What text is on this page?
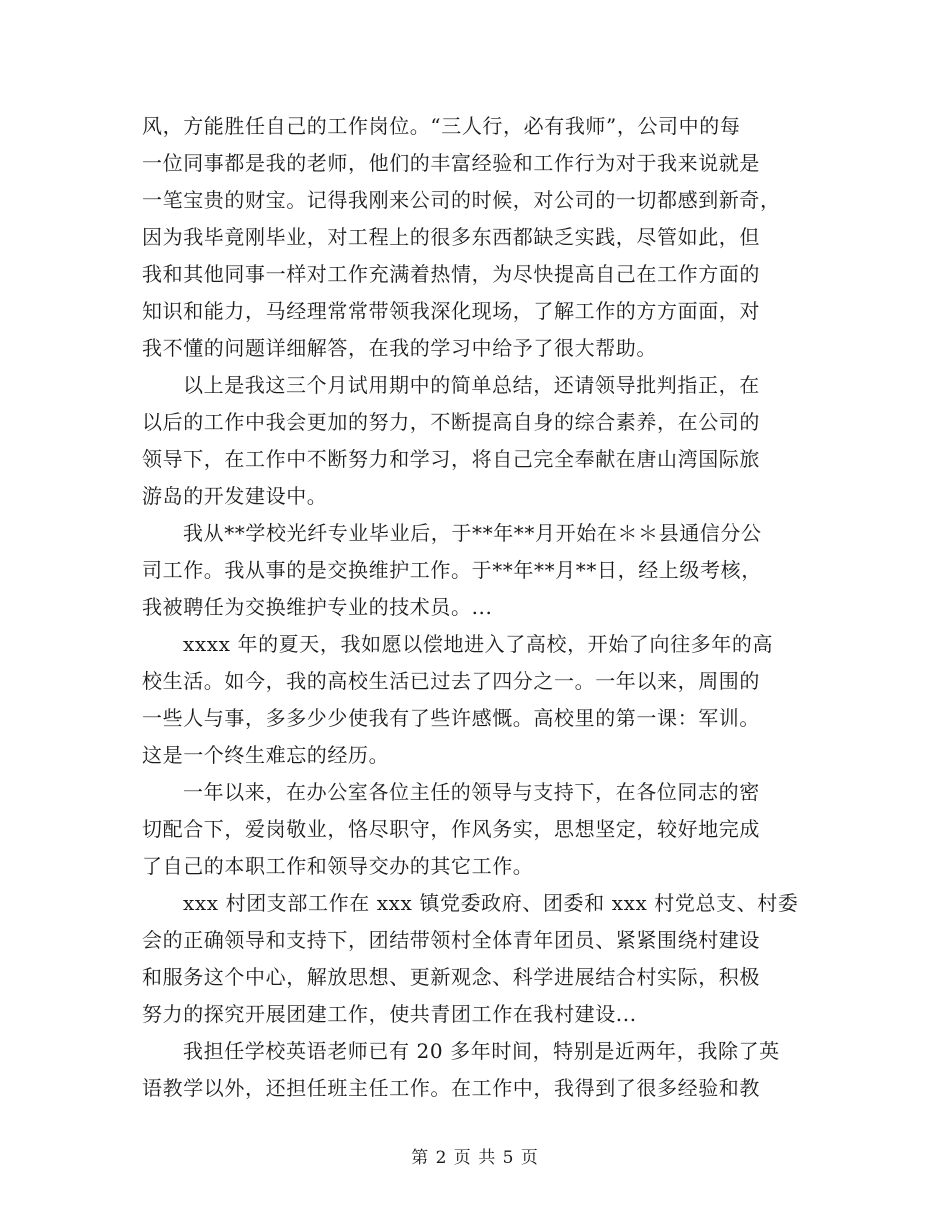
风，方能胜任自己的工作岗位。“三人行，必有我师”，公司中的每
一位同事都是我的老师，他们的丰富经验和工作行为对于我来说就是
一笔宝贵的财宝。记得我刚来公司的时候，对公司的一切都感到新奇，
因为我毕竟刚毕业，对工程上的很多东西都缺乏实践，尽管如此，但
我和其他同事一样对工作充满着热情，为尽快提高自己在工作方面的
知识和能力，马经理常常带领我深化现场，了解工作的方方面面，对
我不懂的问题详细解答，在我的学习中给予了很大帮助。
以上是我这三个月试用期中的简单总结，还请领导批判指正，在
以后的工作中我会更加的努力，不断提高自身的综合素养，在公司的
领导下，在工作中不断努力和学习，将自己完全奉献在唐山湾国际旅
游岛的开发建设中。
我从**学校光纤专业毕业后，于**年**月开始在＊＊县通信分公
司工作。我从事的是交换维护工作。于**年**月**日，经上级考核，
我被聘任为交换维护专业的技术员。...
xxxx 年的夏天，我如愿以偿地进入了高校，开始了向往多年的高
校生活。如今，我的高校生活已过去了四分之一。一年以来，周围的
一些人与事，多多少少使我有了些许感慨。高校里的第一课：军训。
这是一个终生难忘的经历。
一年以来，在办公室各位主任的领导与支持下，在各位同志的密
切配合下，爱岗敬业，恪尽职守，作风务实，思想坚定，较好地完成
了自己的本职工作和领导交办的其它工作。
xxx 村团支部工作在 xxx 镇党委政府、团委和 xxx 村党总支、村委
会的正确领导和支持下，团结带领村全体青年团员、紧紧围绕村建设
和服务这个中心，解放思想、更新观念、科学进展结合村实际，积极
努力的探究开展团建工作，使共青团工作在我村建设...
我担任学校英语老师已有 20 多年时间，特别是近两年，我除了英
语教学以外，还担任班主任工作。在工作中，我得到了很多经验和教
第 2 页 共 5 页
